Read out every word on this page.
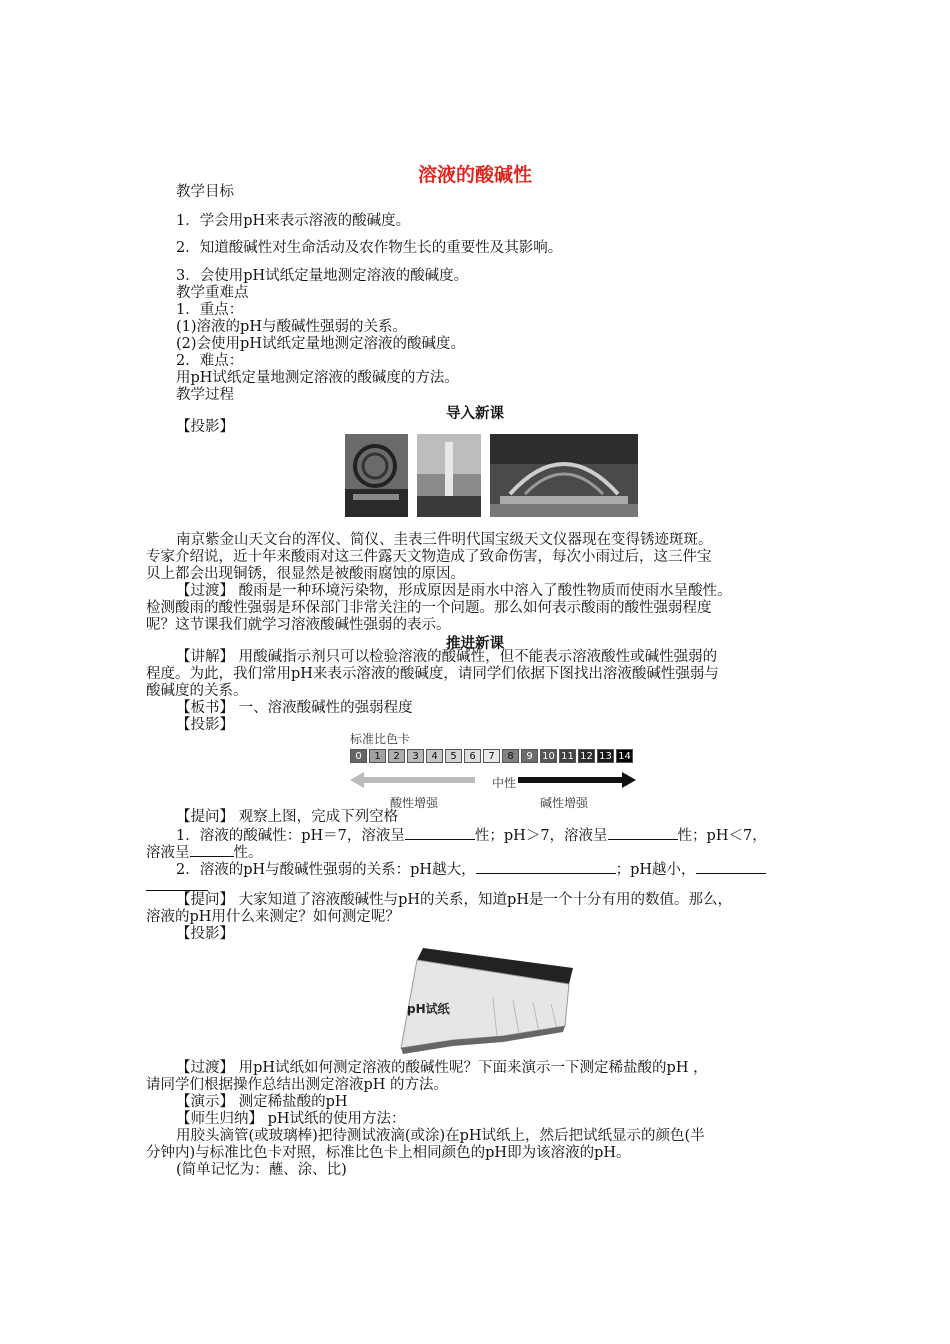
溶液的酸碱性
教学目标
1．学会用pH来表示溶液的酸碱度。
2．知道酸碱性对生命活动及农作物生长的重要性及其影响。
3．会使用pH试纸定量地测定溶液的酸碱度。
教学重难点
1．重点：
(1)溶液的pH与酸碱性强弱的关系。
(2)会使用pH试纸定量地测定溶液的酸碱度。
2．难点：
用pH试纸定量地测定溶液的酸碱度的方法。
教学过程
导入新课
【投影】
南京紫金山天文台的浑仪、简仪、圭表三件明代国宝级天文仪器现在变得锈迹斑斑。
专家介绍说，近十年来酸雨对这三件露天文物造成了致命伤害，每次小雨过后，这三件宝
贝上都会出现铜锈，很显然是被酸雨腐蚀的原因。
【过渡】 酸雨是一种环境污染物，形成原因是雨水中溶入了酸性物质而使雨水呈酸性。
检测酸雨的酸性强弱是环保部门非常关注的一个问题。那么如何表示酸雨的酸性强弱程度
呢？这节课我们就学习溶液酸碱性强弱的表示。
推进新课
【讲解】 用酸碱指示剂只可以检验溶液的酸碱性，但不能表示溶液酸性或碱性强弱的
程度。为此，我们常用pH来表示溶液的酸碱度，请同学们依据下图找出溶液酸碱性强弱与
酸碱度的关系。
【板书】 一、溶液酸碱性的强弱程度
【投影】
标准比色卡
0	1	2	3	4	5	6	7	8	9 10 11 12 13 14
中性
酸性增强	碱性增强
【提问】 观察上图，完成下列空格
1．溶液的酸碱性：pH＝7，溶液呈	性；pH＞7，溶液呈	性；pH＜7，
溶液呈	性。
2．溶液的pH与酸碱性强弱的关系：pH越大，	；pH越小，
【提问】 大家知道了溶液酸碱性与pH的关系，知道pH是一个十分有用的数值。那么，
溶液的pH用什么来测定？如何测定呢？
【投影】
pH试纸
【过渡】 用pH试纸如何测定溶液的酸碱性呢？下面来演示一下测定稀盐酸的pH ，
请同学们根据操作总结出测定溶液pH 的方法。
【演示】 测定稀盐酸的pH
【师生归纳】 pH试纸的使用方法：
用胶头滴管(或玻璃棒)把待测试液滴(或涂)在pH试纸上，然后把试纸显示的颜色(半
分钟内)与标准比色卡对照，标准比色卡上相同颜色的pH即为该溶液的pH。
(简单记忆为：蘸、涂、比)
